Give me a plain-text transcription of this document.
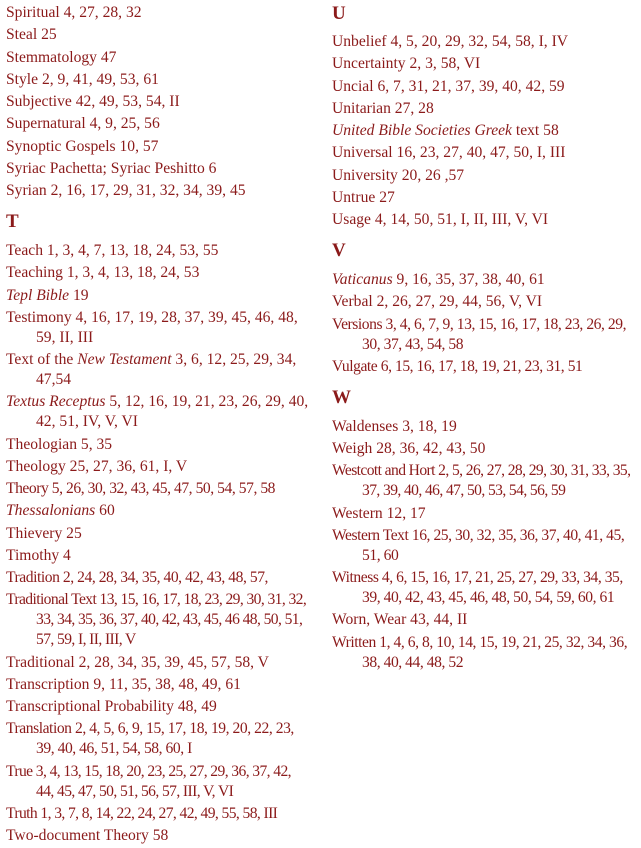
Spiritual 4, 27, 28, 32
Steal 25
Stemmatology 47
Style 2, 9, 41, 49, 53, 61
Subjective 42, 49, 53, 54, II
Supernatural 4, 9, 25, 56
Synoptic Gospels 10, 57
Syriac Pachetta; Syriac Peshitto 6
Syrian 2, 16, 17, 29, 31, 32, 34, 39, 45
T
Teach 1, 3, 4, 7, 13, 18, 24, 53, 55
Teaching 1, 3, 4, 13, 18, 24, 53
Tepl Bible 19
Testimony 4, 16, 17, 19, 28, 37, 39, 45, 46, 48, 59, II, III
Text of the New Testament 3, 6, 12, 25, 29, 34, 47,54
Textus Receptus 5, 12, 16, 19, 21, 23, 26, 29, 40, 42, 51, IV, V, VI
Theologian 5, 35
Theology 25, 27, 36, 61, I, V
Theory 5, 26, 30, 32, 43, 45, 47, 50, 54, 57, 58
Thessalonians 60
Thievery 25
Timothy 4
Tradition 2, 24, 28, 34, 35, 40, 42, 43, 48, 57,
Traditional Text 13, 15, 16, 17, 18, 23, 29, 30, 31, 32, 33, 34, 35, 36, 37, 40, 42, 43, 45, 46 48, 50, 51, 57, 59, I, II, III, V
Traditional 2, 28, 34, 35, 39, 45, 57, 58, V
Transcription 9, 11, 35, 38, 48, 49, 61
Transcriptional Probability 48, 49
Translation 2, 4, 5, 6, 9, 15, 17, 18, 19, 20, 22, 23, 39, 40, 46, 51, 54, 58, 60, I
True 3, 4, 13, 15, 18, 20, 23, 25, 27, 29, 36, 37, 42, 44, 45, 47, 50, 51, 56, 57, III, V, VI
Truth 1, 3, 7, 8, 14, 22, 24, 27, 42, 49, 55, 58, III
Two-document Theory 58
U
Unbelief 4, 5, 20, 29, 32, 54, 58, I, IV
Uncertainty 2, 3, 58, VI
Uncial 6, 7, 31, 21, 37, 39, 40, 42, 59
Unitarian 27, 28
United Bible Societies Greek text 58
Universal 16, 23, 27, 40, 47, 50, I, III
University 20, 26 ,57
Untrue 27
Usage 4, 14, 50, 51, I, II, III, V, VI
V
Vaticanus 9, 16, 35, 37, 38, 40, 61
Verbal 2, 26, 27, 29, 44, 56, V, VI
Versions 3, 4, 6, 7, 9, 13, 15, 16, 17, 18, 23, 26, 29, 30, 37, 43, 54, 58
Vulgate 6, 15, 16, 17, 18, 19, 21, 23, 31, 51
W
Waldenses 3, 18, 19
Weigh 28, 36, 42, 43, 50
Westcott and Hort 2, 5, 26, 27, 28, 29, 30, 31, 33, 35, 37, 39, 40, 46, 47, 50, 53, 54, 56, 59
Western 12, 17
Western Text 16, 25, 30, 32, 35, 36, 37, 40, 41, 45, 51, 60
Witness 4, 6, 15, 16, 17, 21, 25, 27, 29, 33, 34, 35, 39, 40, 42, 43, 45, 46, 48, 50, 54, 59, 60, 61
Worn, Wear 43, 44, II
Written 1, 4, 6, 8, 10, 14, 15, 19, 21, 25, 32, 34, 36, 38, 40, 44, 48, 52
